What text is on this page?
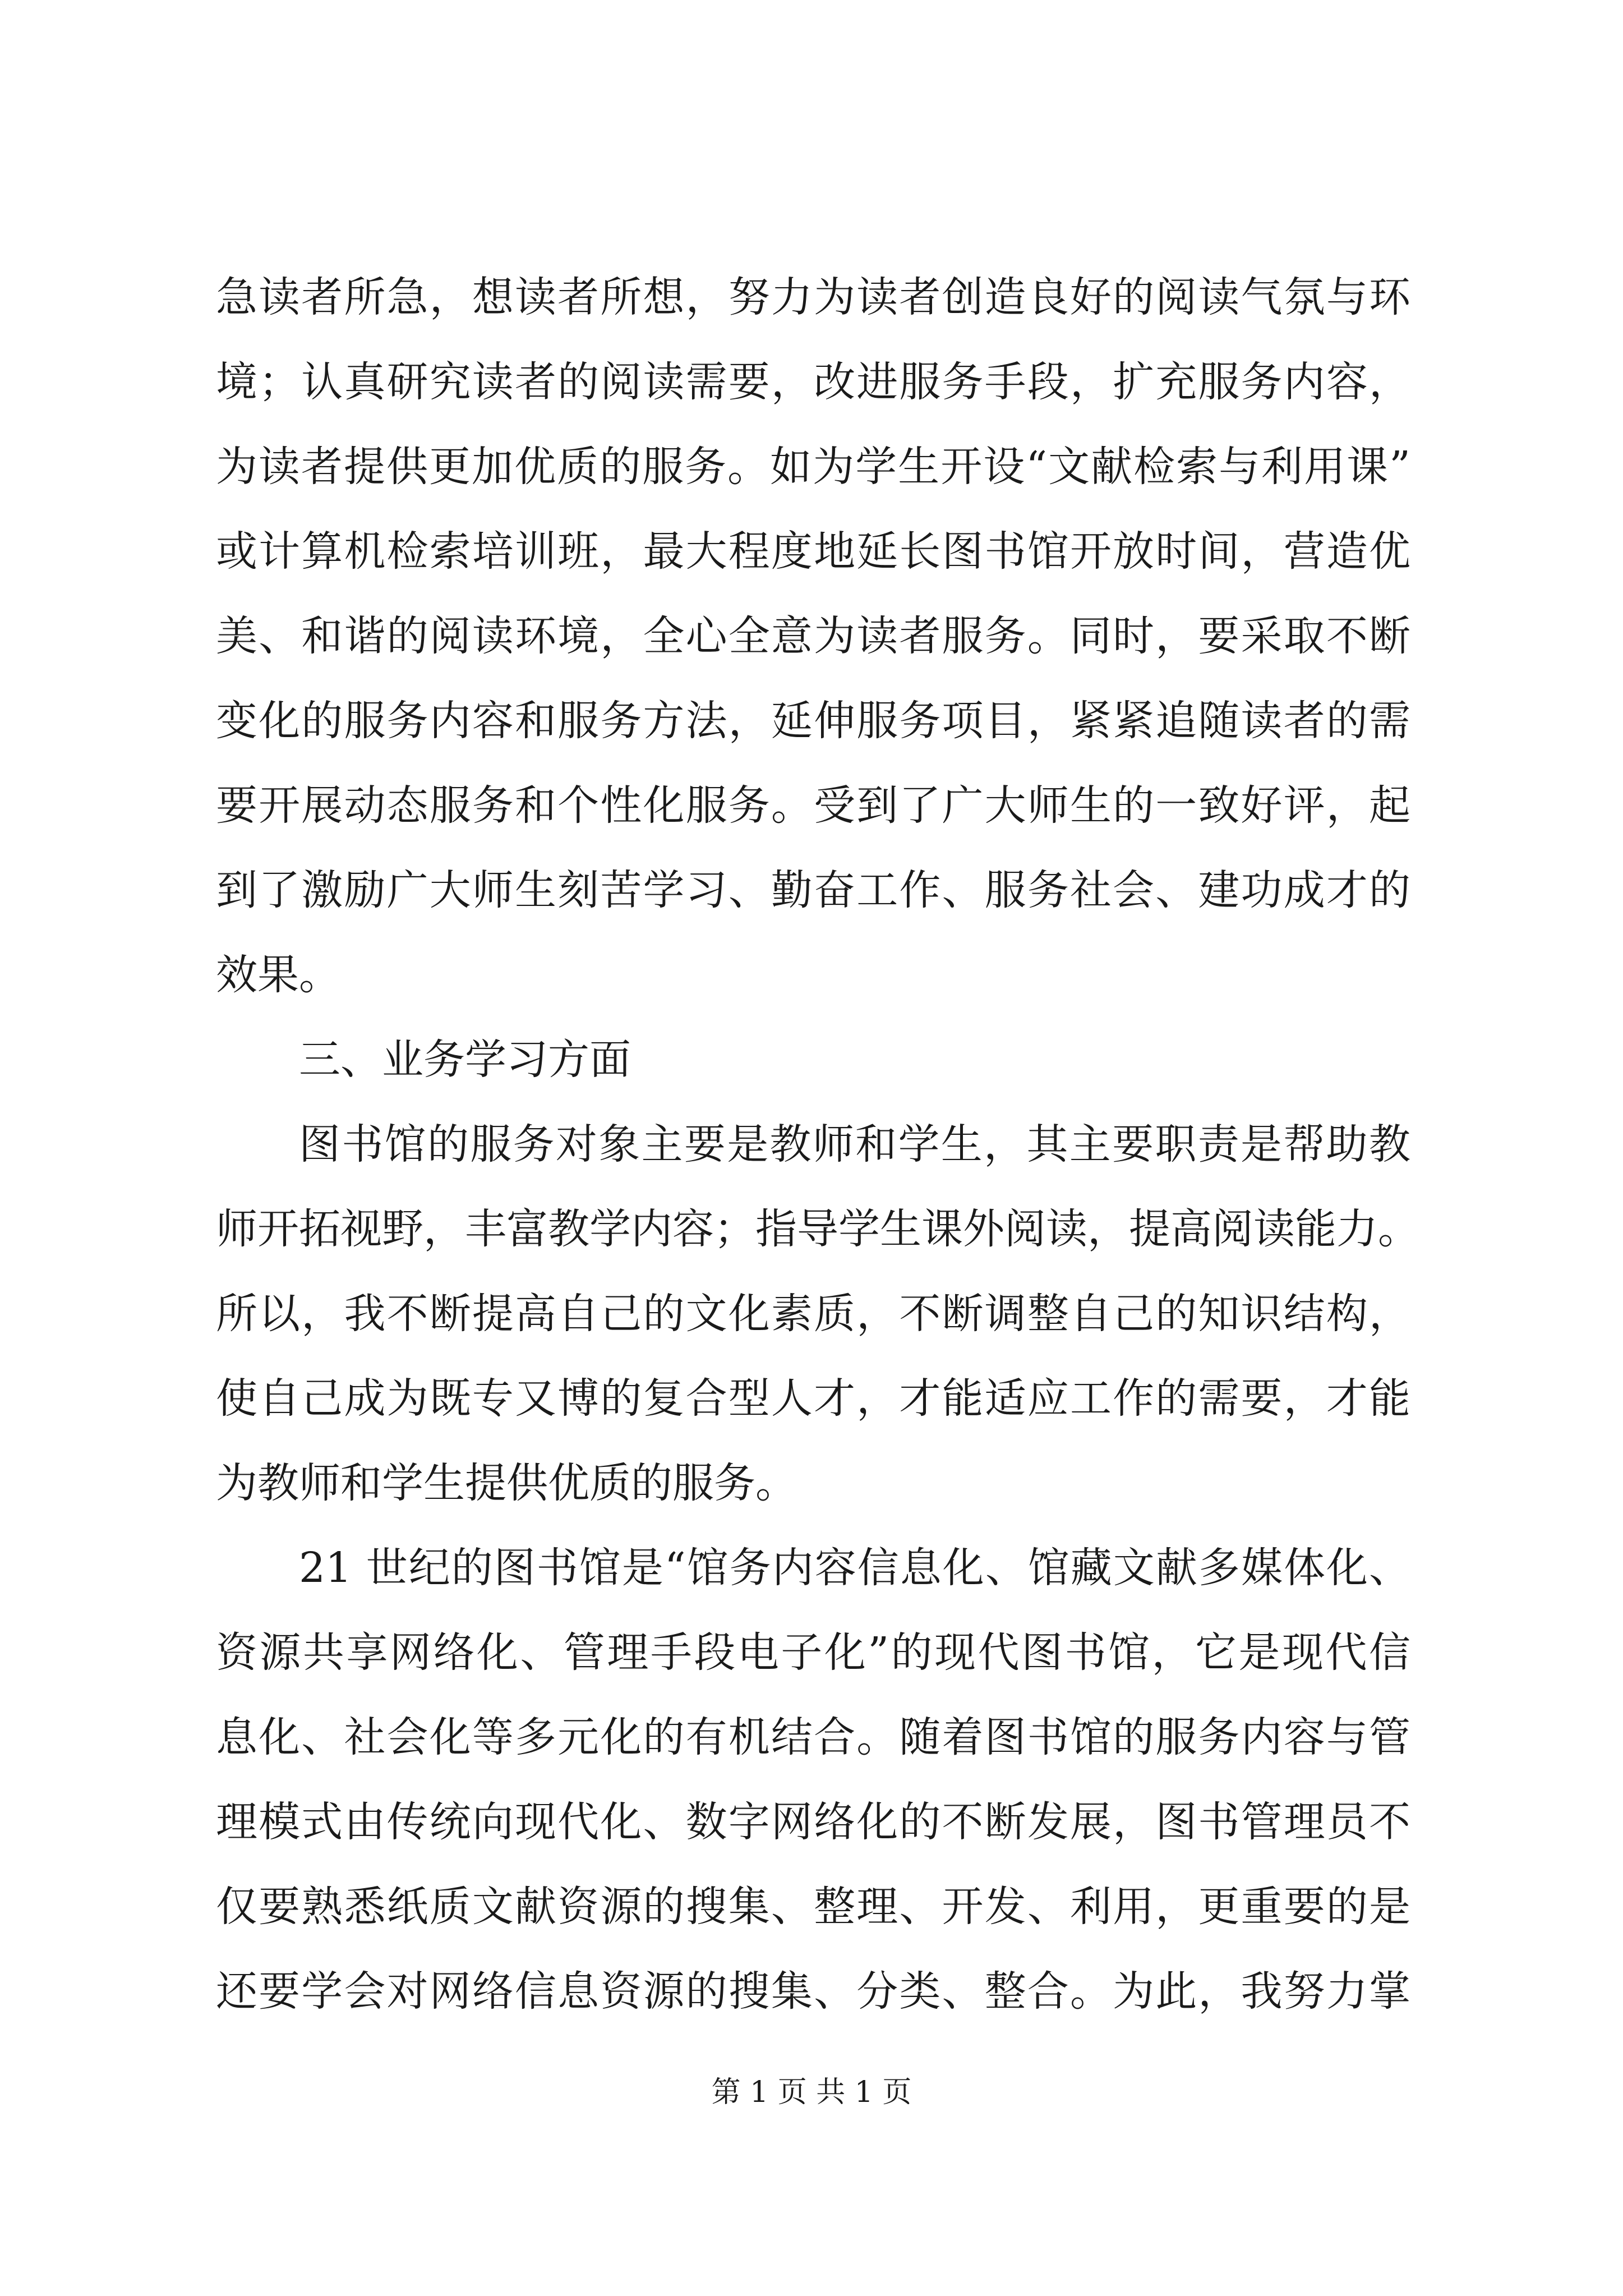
急读者所急，想读者所想，努力为读者创造良好的阅读气氛与环
境；认真研究读者的阅读需要，改进服务手段，扩充服务内容，
为读者提供更加优质的服务。如为学生开设“文献检索与利用课”
或计算机检索培训班，最大程度地延长图书馆开放时间，营造优
美、和谐的阅读环境，全心全意为读者服务。同时，要采取不断
变化的服务内容和服务方法，延伸服务项目，紧紧追随读者的需
要开展动态服务和个性化服务。受到了广大师生的一致好评，起
到了激励广大师生刻苦学习、勤奋工作、服务社会、建功成才的
效果。
三、业务学习方面
图书馆的服务对象主要是教师和学生，其主要职责是帮助教
师开拓视野，丰富教学内容；指导学生课外阅读，提高阅读能力。
所以，我不断提高自己的文化素质，不断调整自己的知识结构，
使自己成为既专又博的复合型人才，才能适应工作的需要，才能
为教师和学生提供优质的服务。
21 世纪的图书馆是“馆务内容信息化、馆藏文献多媒体化、
资源共享网络化、管理手段电子化”的现代图书馆，它是现代信
息化、社会化等多元化的有机结合。随着图书馆的服务内容与管
理模式由传统向现代化、数字网络化的不断发展，图书管理员不
仅要熟悉纸质文献资源的搜集、整理、开发、利用，更重要的是
还要学会对网络信息资源的搜集、分类、整合。为此，我努力掌
第 1 页 共 1 页
